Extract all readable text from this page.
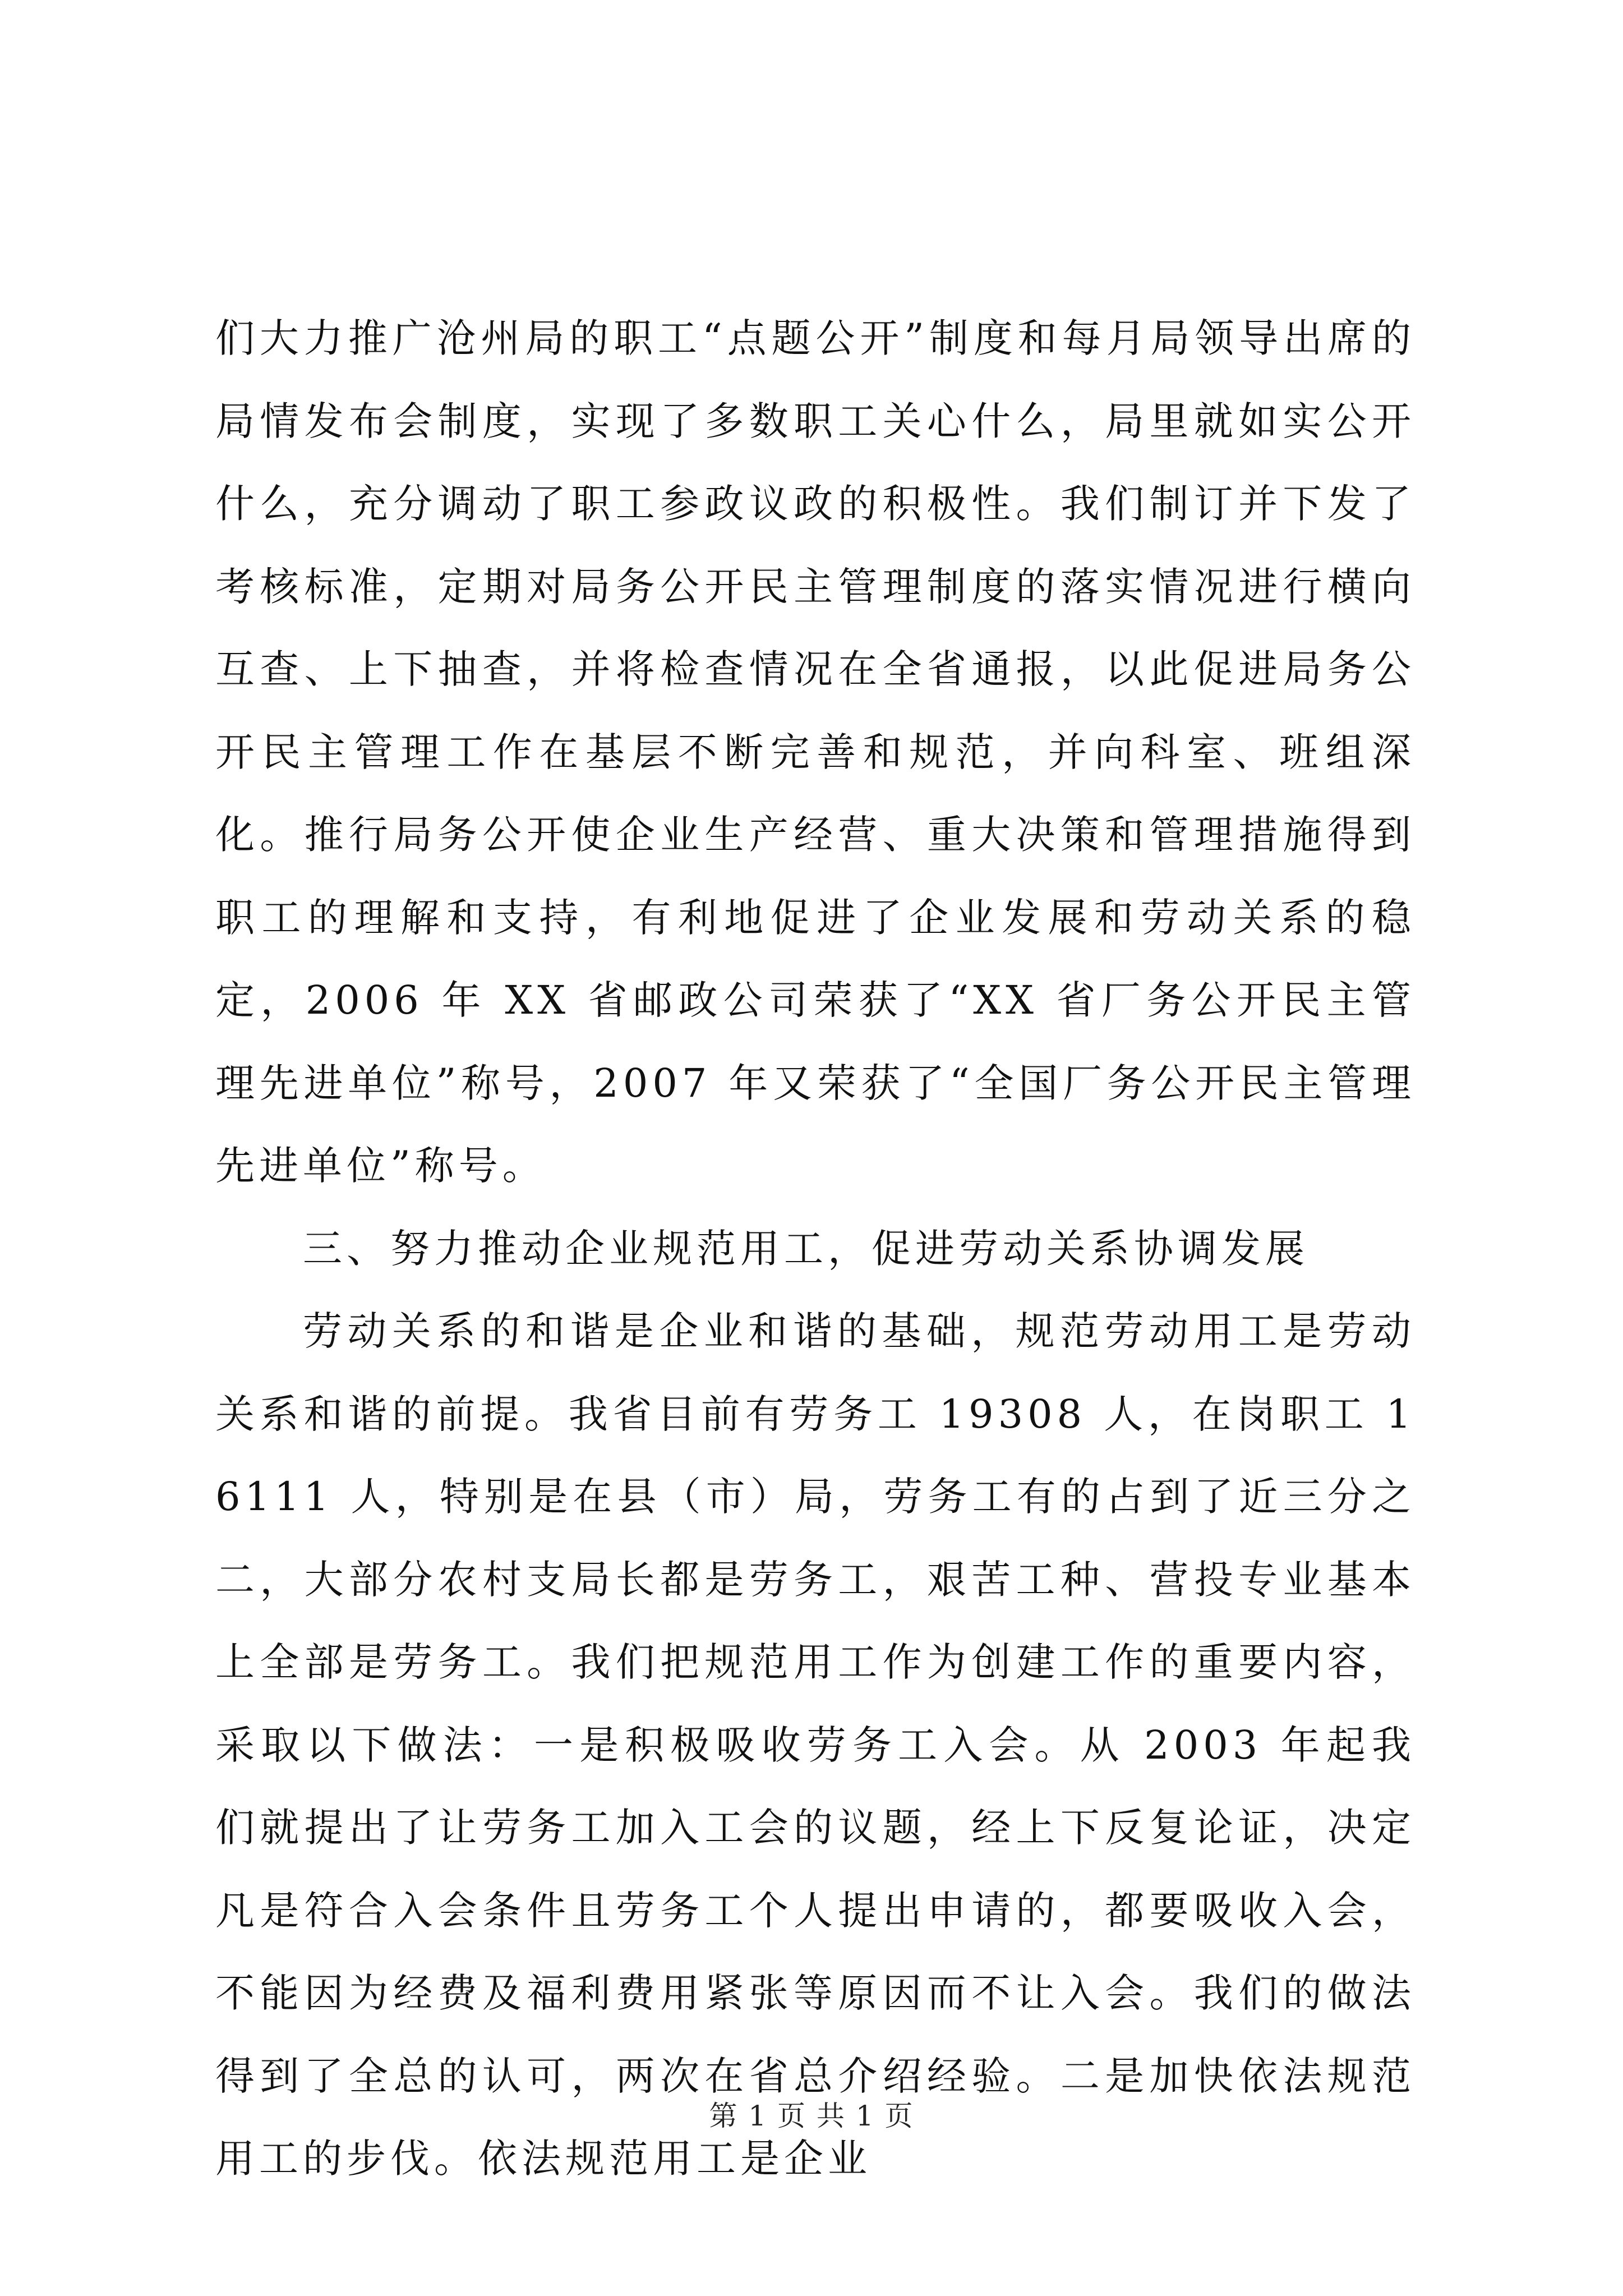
们大力推广沧州局的职工“点题公开”制度和每月局领导出席的局情发布会制度，实现了多数职工关心什么，局里就如实公开什么，充分调动了职工参政议政的积极性。我们制订并下发了考核标准，定期对局务公开民主管理制度的落实情况进行横向互查、上下抽查，并将检查情况在全省通报，以此促进局务公开民主管理工作在基层不断完善和规范，并向科室、班组深化。推行局务公开使企业生产经营、重大决策和管理措施得到职工的理解和支持，有利地促进了企业发展和劳动关系的稳定，2006 年 XX 省邮政公司荣获了“XX 省厂务公开民主管理先进单位”称号，2007 年又荣获了“全国厂务公开民主管理先进单位”称号。

三、努力推动企业规范用工，促进劳动关系协调发展

劳动关系的和谐是企业和谐的基础，规范劳动用工是劳动关系和谐的前提。我省目前有劳务工 19308 人，在岗职工 16111 人，特别是在县（市）局，劳务工有的占到了近三分之二，大部分农村支局长都是劳务工，艰苦工种、营投专业基本上全部是劳务工。我们把规范用工作为创建工作的重要内容，采取以下做法：一是积极吸收劳务工入会。从 2003 年起我们就提出了让劳务工加入工会的议题，经上下反复论证，决定凡是符合入会条件且劳务工个人提出申请的，都要吸收入会，不能因为经费及福利费用紧张等原因而不让入会。我们的做法得到了全总的认可，两次在省总介绍经验。二是加快依法规范用工的步伐。依法规范用工是企业

第 1 页 共 1 页
